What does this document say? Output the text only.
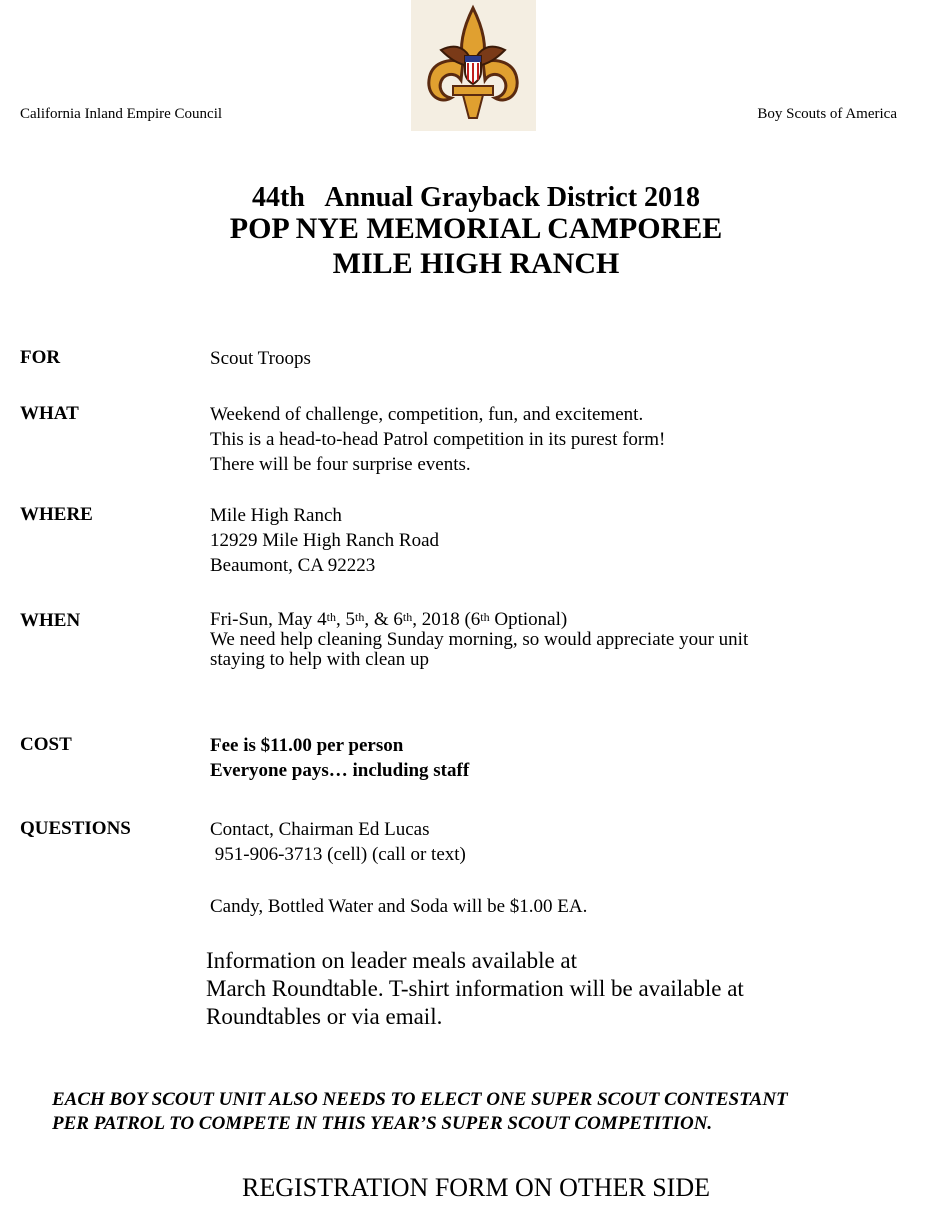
California Inland Empire Council	Boy Scouts of America
44th   Annual Grayback District 2018
POP NYE MEMORIAL CAMPOREE
MILE HIGH RANCH
FOR	Scout Troops
WHAT	Weekend of challenge, competition, fun, and excitement.
This is a head-to-head Patrol competition in its purest form!
There will be four surprise events.
WHERE	Mile High Ranch
12929 Mile High Ranch Road
Beaumont, CA 92223
WHEN	Fri-Sun, May 4th, 5th, & 6th, 2018 (6th Optional)
We need help cleaning Sunday morning, so would appreciate your unit
staying to help with clean up
COST	Fee is $11.00 per person
Everyone pays… including staff
QUESTIONS	Contact, Chairman Ed Lucas
951-906-3713 (cell) (call or text)
Candy, Bottled Water and Soda will be $1.00 EA.
Information on leader meals available at
March Roundtable. T-shirt information will be available at
Roundtables or via email.
EACH BOY SCOUT UNIT ALSO NEEDS TO ELECT ONE SUPER SCOUT CONTESTANT
PER PATROL TO COMPETE IN THIS YEAR’S SUPER SCOUT COMPETITION.
REGISTRATION FORM ON OTHER SIDE
